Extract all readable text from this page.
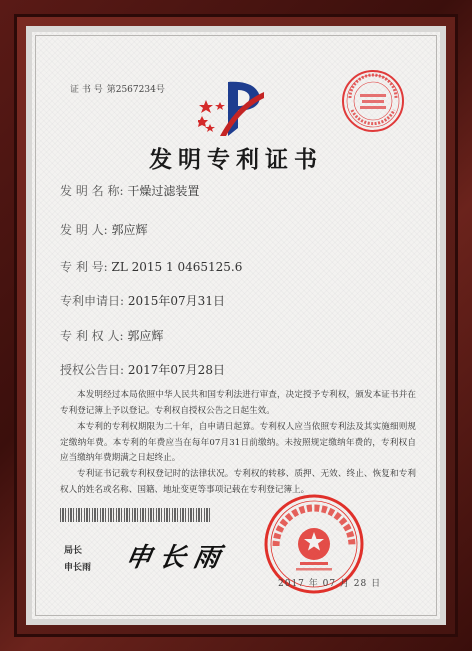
证 书 号 第2567234号
发明专利证书
发 明 名 称: 干燥过滤装置
发 明 人: 郭应辉
专 利 号: ZL 2015 1 0465125.6
专利申请日: 2015年07月31日
专 利 权 人: 郭应辉
授权公告日: 2017年07月28日
本发明经过本局依照中华人民共和国专利法进行审查，决定授予专利权，颁发本证书并在专利登记簿上予以登记。专利权自授权公告之日起生效。
本专利的专利权期限为二十年，自申请日起算。专利权人应当依照专利法及其实施细则规定缴纳年费。本专利的年费应当在每年07月31日前缴纳。未按照规定缴纳年费的，专利权自应当缴纳年费期满之日起终止。
专利证书记载专利权登记时的法律状况。专利权的转移、质押、无效、终止、恢复和专利权人的姓名或名称、国籍、地址变更等事项记载在专利登记簿上。
局长
申长雨 申长雨
2017 年 07 月 28 日
